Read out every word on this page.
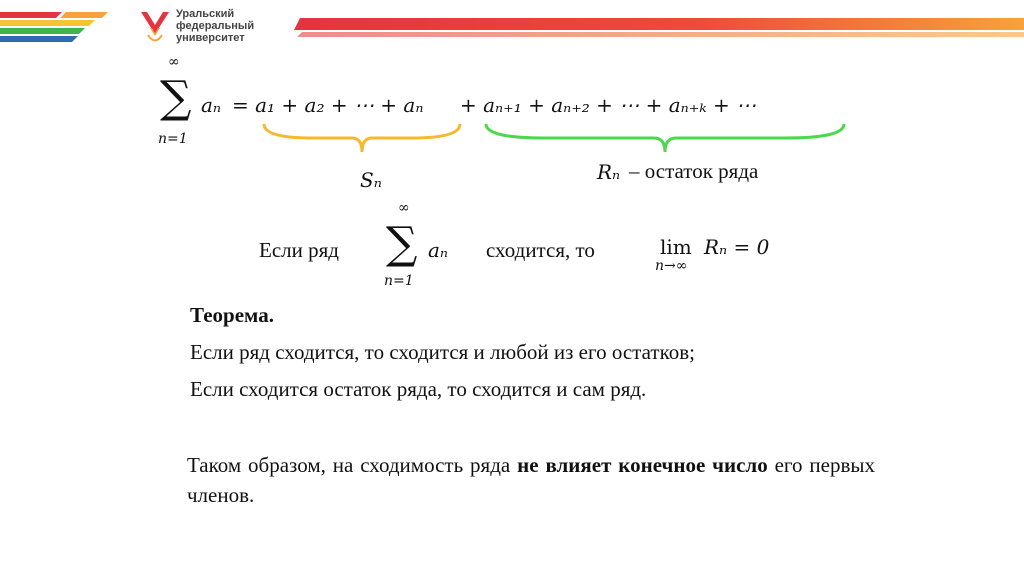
Уральский
федеральный
университет
∞
∑
n=1
aₙ = a₁ + a₂ + ⋯ + aₙ + aₙ₊₁ + aₙ₊₂ + ⋯ + aₙ₊ₖ + ⋯
Sₙ	Rₙ – остаток ряда
Если ряд
∞
∑
n=1
aₙ сходится, то	lim
n→∞
Rₙ = 0
Теорема.
Если ряд сходится, то сходится и любой из его остатков;
Если сходится остаток ряда, то сходится и сам ряд.
Таком образом, на сходимость ряда не влияет конечное число его первых членов.
